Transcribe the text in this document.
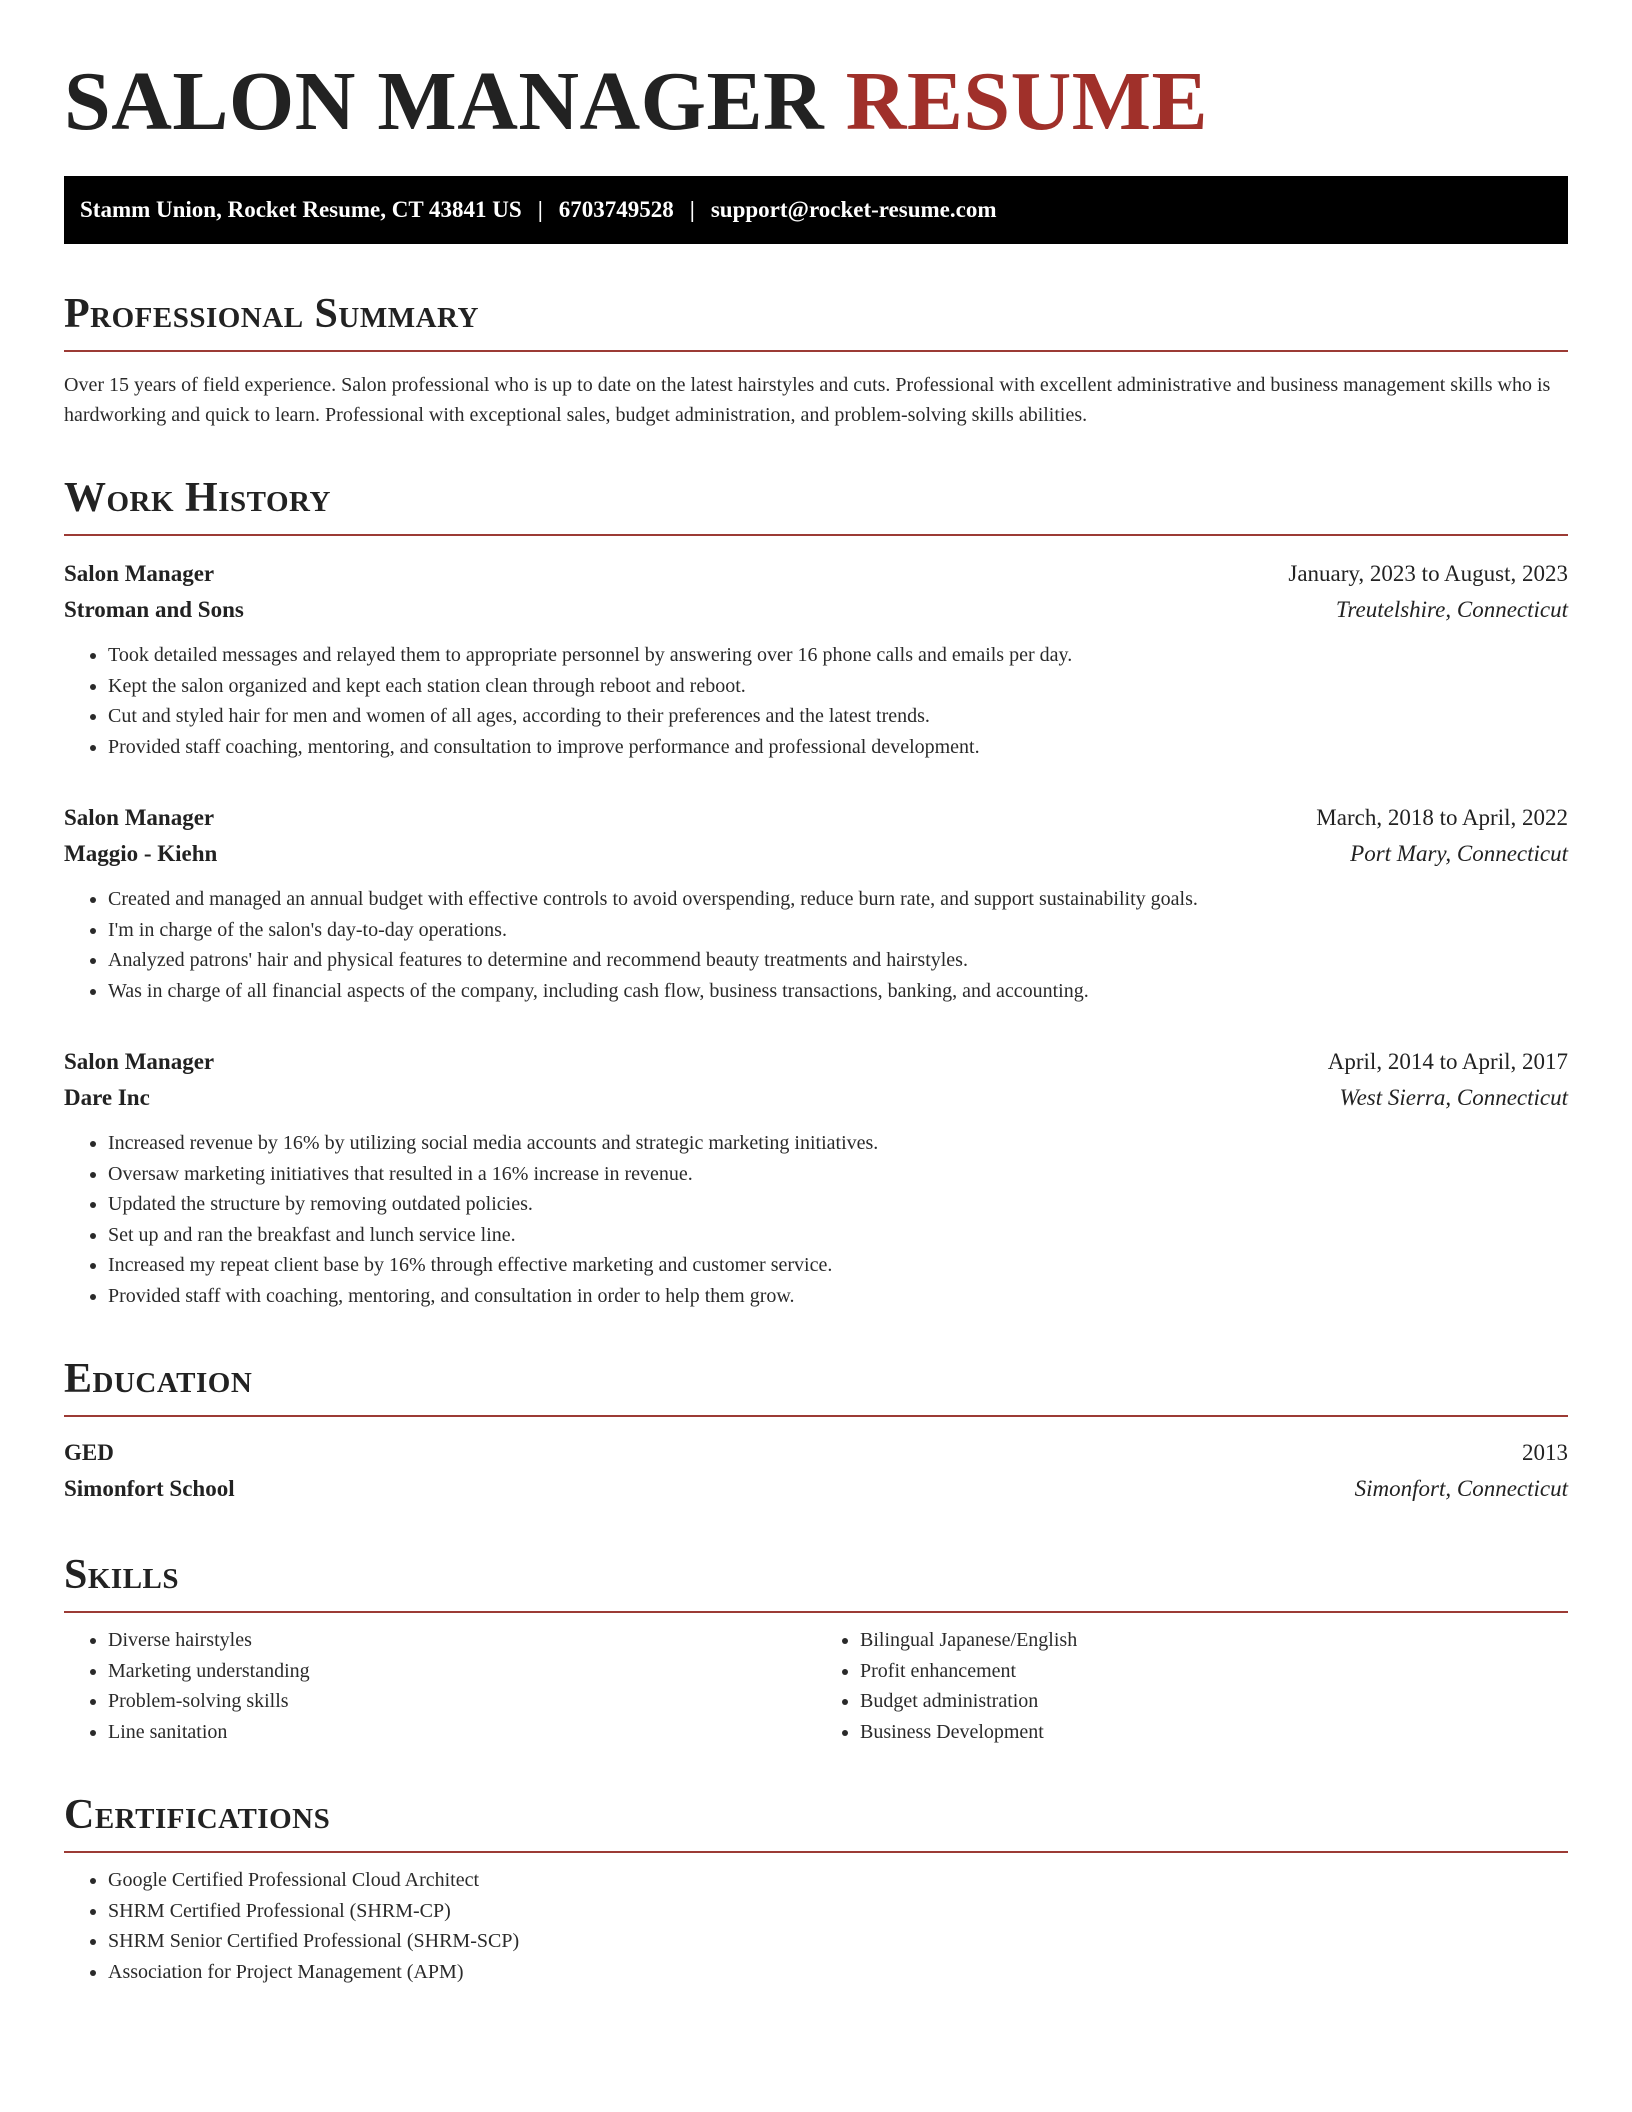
SALON MANAGER RESUME
Stamm Union, Rocket Resume, CT 43841 US | 6703749528 | support@rocket-resume.com
Professional Summary

Over 15 years of field experience. Salon professional who is up to date on the latest hairstyles and cuts. Professional with excellent administrative and business management skills who is hardworking and quick to learn. Professional with exceptional sales, budget administration, and problem-solving skills abilities.

Work History
Salon Manager	January, 2023 to August, 2023
Stroman and Sons	Treutelshire, Connecticut
• Took detailed messages and relayed them to appropriate personnel by answering over 16 phone calls and emails per day.
• Kept the salon organized and kept each station clean through reboot and reboot.
• Cut and styled hair for men and women of all ages, according to their preferences and the latest trends.
• Provided staff coaching, mentoring, and consultation to improve performance and professional development.
Salon Manager	March, 2018 to April, 2022
Maggio - Kiehn	Port Mary, Connecticut
• Created and managed an annual budget with effective controls to avoid overspending, reduce burn rate, and support sustainability goals.
• I'm in charge of the salon's day-to-day operations.
• Analyzed patrons' hair and physical features to determine and recommend beauty treatments and hairstyles.
• Was in charge of all financial aspects of the company, including cash flow, business transactions, banking, and accounting.
Salon Manager	April, 2014 to April, 2017
Dare Inc	West Sierra, Connecticut
• Increased revenue by 16% by utilizing social media accounts and strategic marketing initiatives.
• Oversaw marketing initiatives that resulted in a 16% increase in revenue.
• Updated the structure by removing outdated policies.
• Set up and ran the breakfast and lunch service line.
• Increased my repeat client base by 16% through effective marketing and customer service.
• Provided staff with coaching, mentoring, and consultation in order to help them grow.
Education
GED	2013
Simonfort School	Simonfort, Connecticut
Skills
• Diverse hairstyles
• Marketing understanding
• Problem-solving skills
• Line sanitation
• Bilingual Japanese/English
• Profit enhancement
• Budget administration
• Business Development
Certifications
• Google Certified Professional Cloud Architect
• SHRM Certified Professional (SHRM-CP)
• SHRM Senior Certified Professional (SHRM-SCP)
• Association for Project Management (APM)
